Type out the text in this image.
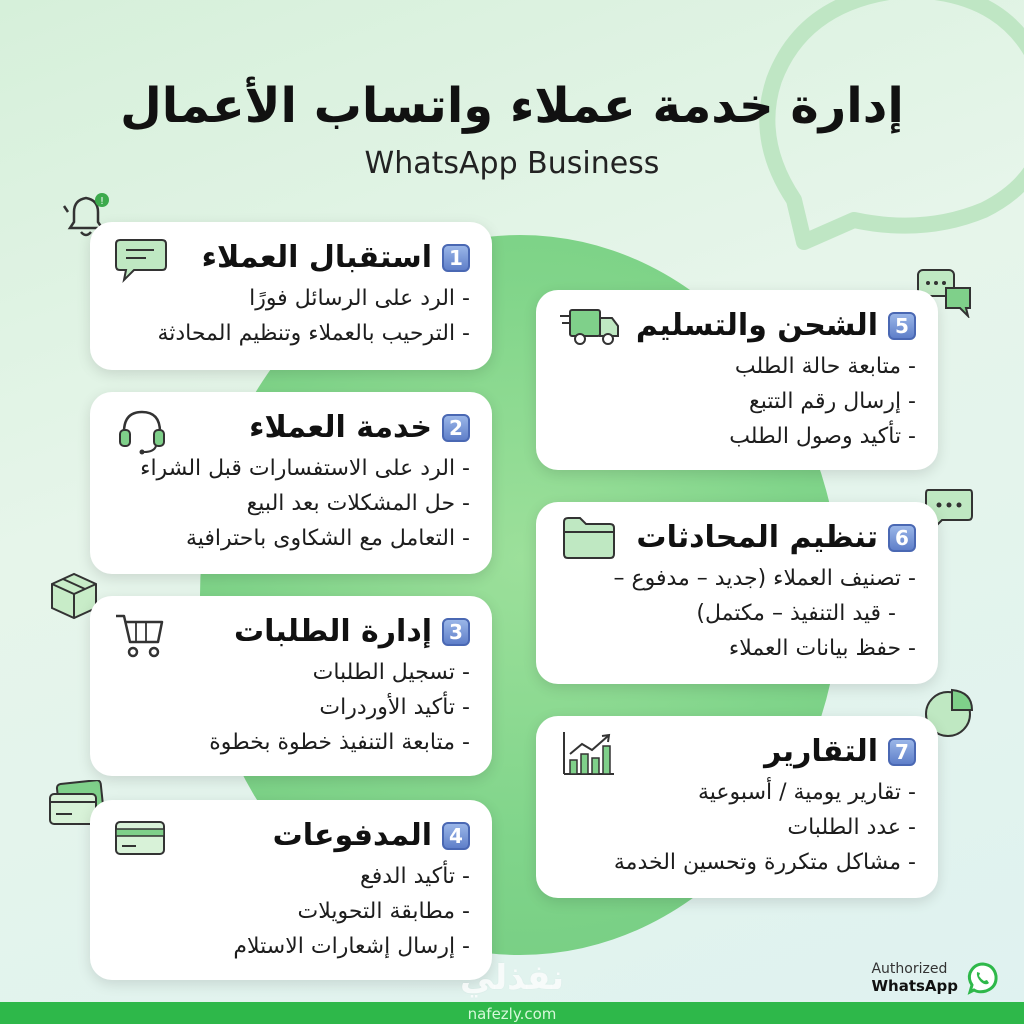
إدارة خدمة عملاء واتساب الأعمال
WhatsApp Business
!
1
استقبال العملاء
- الرد على الرسائل فورًا
- الترحيب بالعملاء وتنظيم المحادثة
2
خدمة العملاء
- الرد على الاستفسارات قبل الشراء
- حل المشكلات بعد البيع
- التعامل مع الشكاوى باحترافية
3
إدارة الطلبات
- تسجيل الطلبات
- تأكيد الأوردرات
- متابعة التنفيذ خطوة بخطوة
4
المدفوعات
- تأكيد الدفع
- مطابقة التحويلات
- إرسال إشعارات الاستلام
5
الشحن والتسليم
- متابعة حالة الطلب
- إرسال رقم التتبع
- تأكيد وصول الطلب
6
تنظيم المحادثات
- تصنيف العملاء (جديد – مدفوع –
- قيد التنفيذ – مكتمل)
- حفظ بيانات العملاء
7
التقارير
- تقارير يومية / أسبوعية
- عدد الطلبات
- مشاكل متكررة وتحسين الخدمة
نفذلي
nafezly.com
Authorized
WhatsApp
